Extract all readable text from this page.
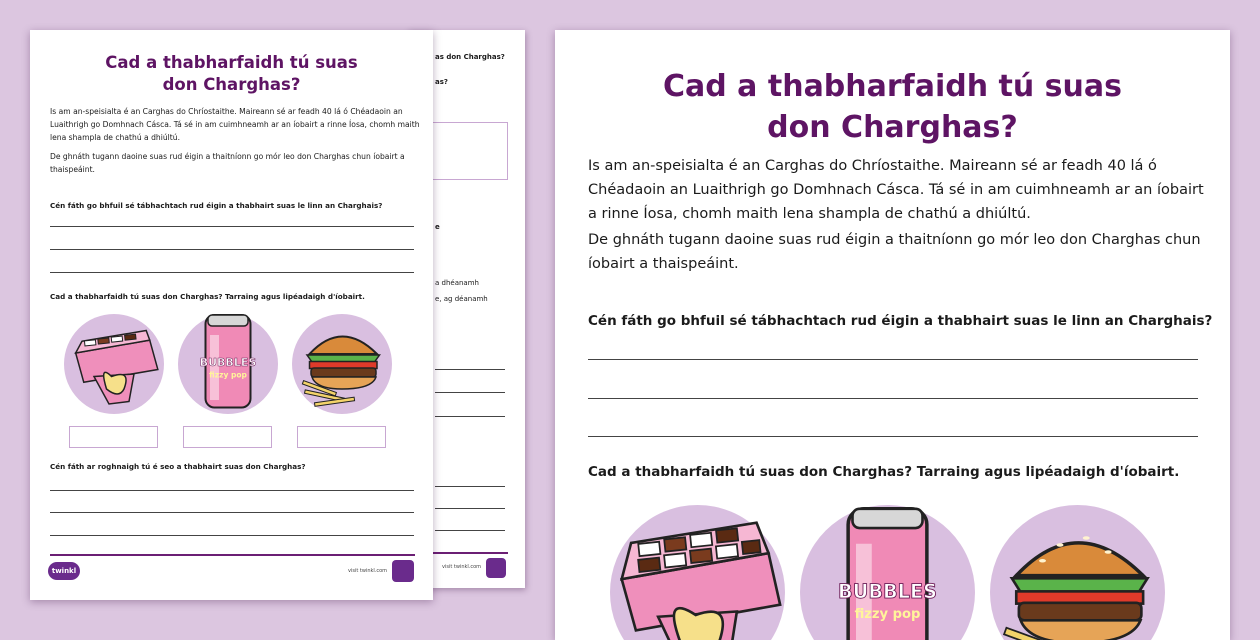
as don Charghas?
as?
e
a dhéanamh
e, ag déanamh
visit twinkl.com
Cad a thabharfaidh tú suas
don Charghas?
Is am an-speisialta é an Carghas do Chríostaithe. Maireann sé ar feadh 40 lá ó Chéadaoin an Luaithrigh go Domhnach Cásca. Tá sé in am cuimhneamh ar an íobairt a rinne Íosa, chomh maith lena shampla de chathú a dhiúltú.
De ghnáth tugann daoine suas rud éigin a thaitníonn go mór leo don Charghas chun íobairt a thaispeáint.
Cén fáth go bhfuil sé tábhachtach rud éigin a thabhairt suas le linn an Charghais?
Cad a thabharfaidh tú suas don Charghas? Tarraing agus lipéadaigh d'íobairt.
BUBBLES
fizzy pop
Cén fáth ar roghnaigh tú é seo a thabhairt suas don Charghas?
twinkl	visit twinkl.com
Cad a thabharfaidh tú suas
don Charghas?
Is am an-speisialta é an Carghas do Chríostaithe. Maireann sé ar feadh 40 lá ó Chéadaoin an Luaithrigh go Domhnach Cásca. Tá sé in am cuimhneamh ar an íobairt a rinne Íosa, chomh maith lena shampla de chathú a dhiúltú.
De ghnáth tugann daoine suas rud éigin a thaitníonn go mór leo don Charghas chun íobairt a thaispeáint.
Cén fáth go bhfuil sé tábhachtach rud éigin a thabhairt suas le linn an Charghais?
Cad a thabharfaidh tú suas don Charghas? Tarraing agus lipéadaigh d'íobairt.
BUBBLES
fizzy pop
